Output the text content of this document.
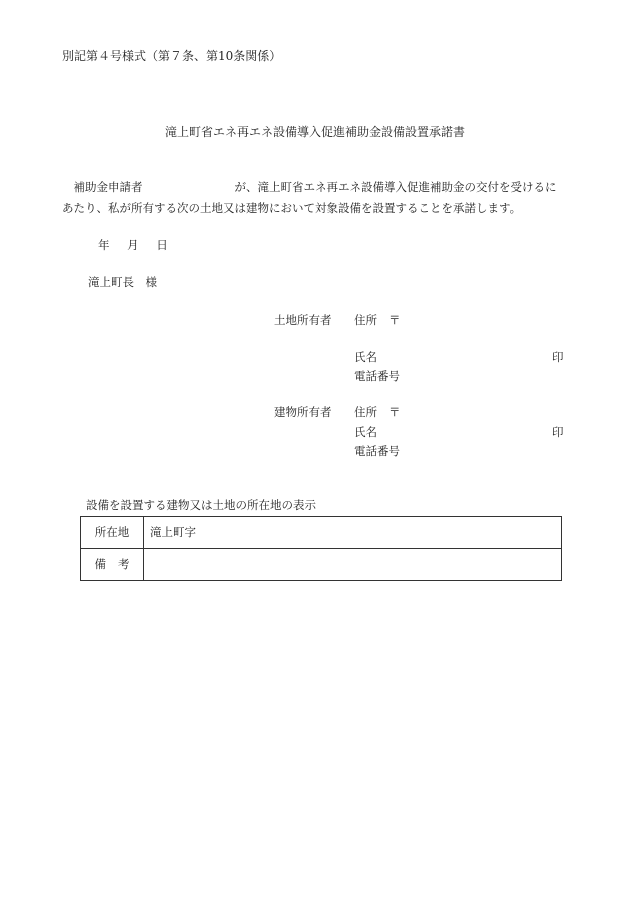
別記第４号様式（第７条、第10条関係）
滝上町省エネ再エネ設備導入促進補助金設備設置承諾書
　補助金申請者	が、滝上町省エネ再エネ設備導入促進補助金の交付を受けるに
あたり、私が所有する次の土地又は建物において対象設備を設置することを承諾します。
年 月 日
滝上町長　様
土地所有者 住所 〒
氏名	印
電話番号
建物所有者 住所 〒
氏名	印
電話番号
設備を設置する建物又は土地の所在地の表示
所在地	滝上町字
備考	
